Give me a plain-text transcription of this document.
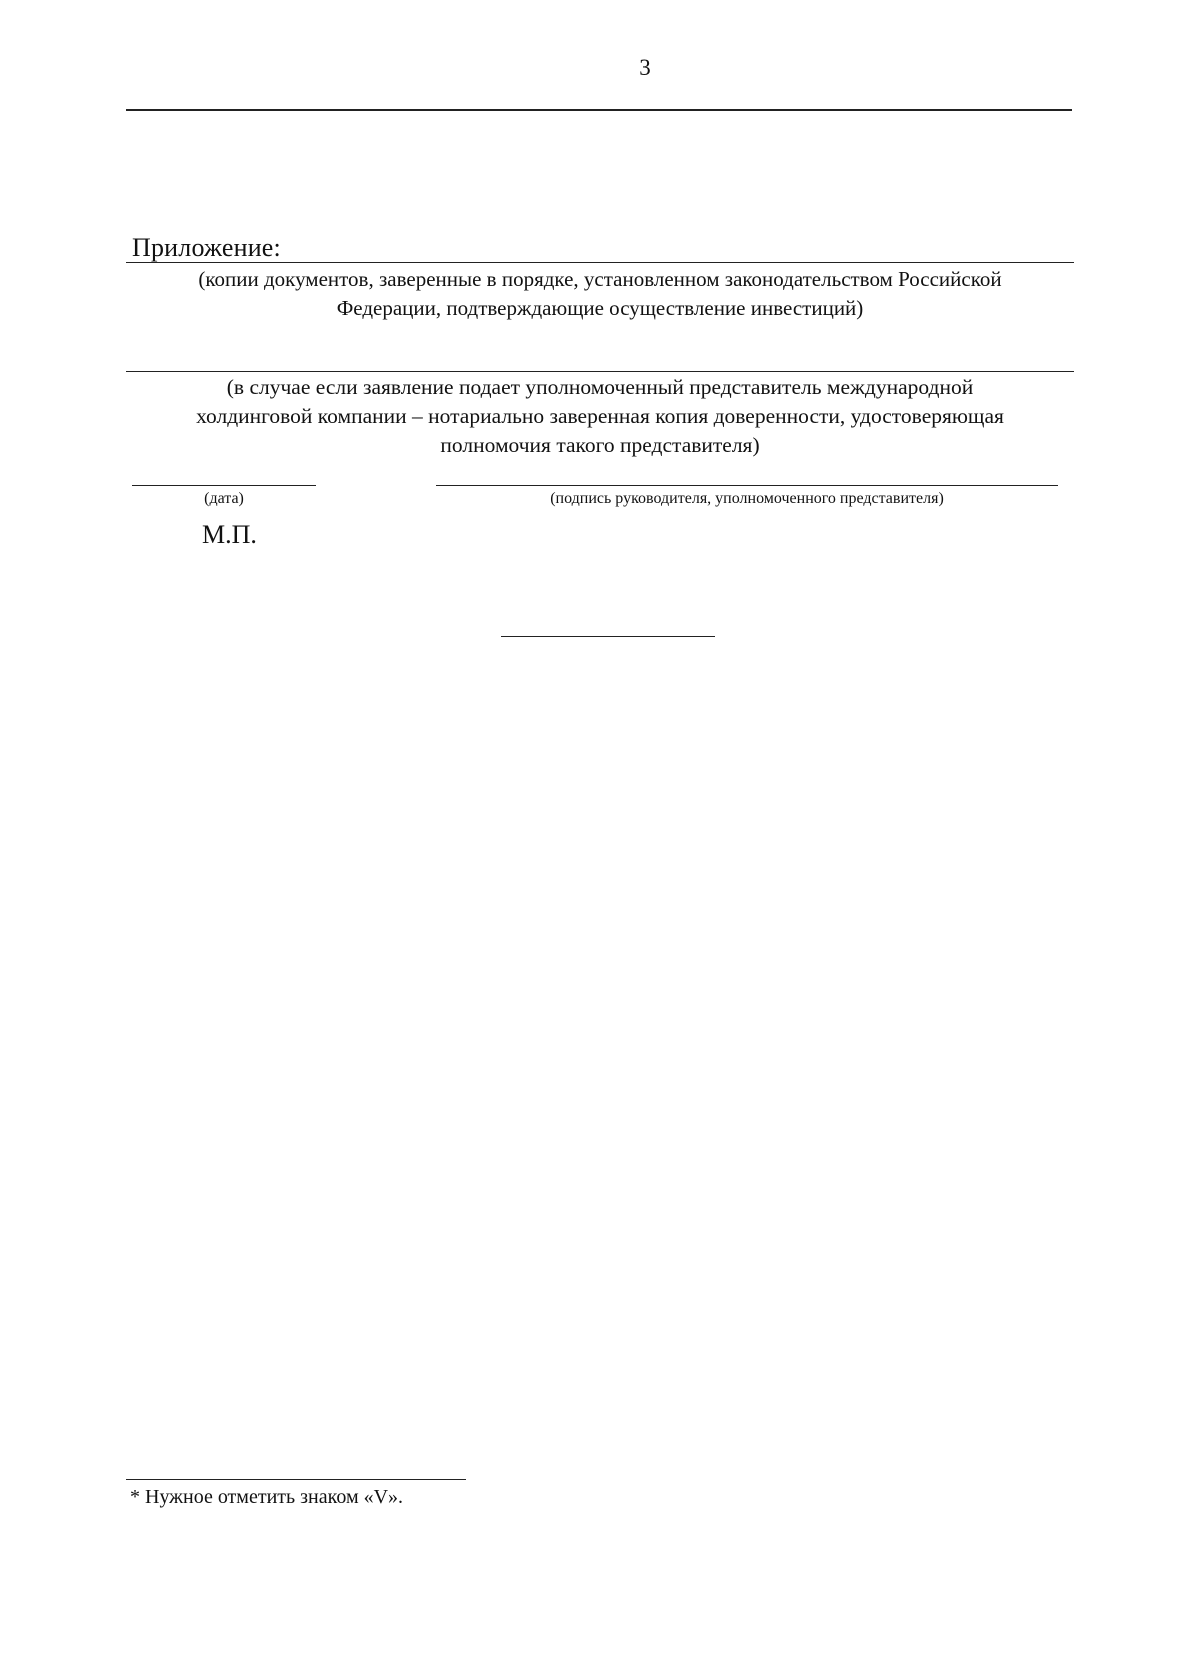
3
Приложение:
(копии документов, заверенные в порядке, установленном законодательством Российской
Федерации, подтверждающие осуществление инвестиций)
(в случае если заявление подает уполномоченный представитель международной
холдинговой компании – нотариально заверенная копия доверенности, удостоверяющая
полномочия такого представителя)
(дата)	(подпись руководителя, уполномоченного представителя)
М.П.
* Нужное отметить знаком «V».
